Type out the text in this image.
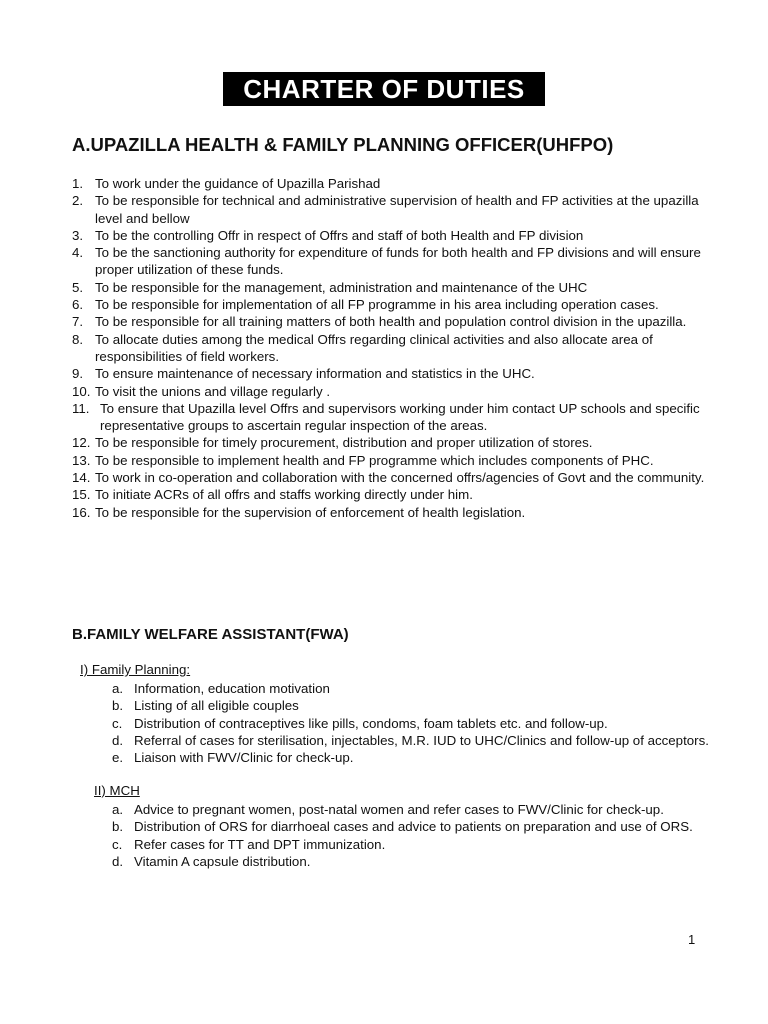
CHARTER OF DUTIES
A.UPAZILLA HEALTH & FAMILY PLANNING OFFICER(UHFPO)
1. To work under the guidance of Upazilla Parishad
2. To be responsible for technical and administrative supervision of health and FP activities at the upazilla level and bellow
3. To be the controlling Offr in respect of Offrs and staff of both Health and FP division
4. To be the sanctioning authority for expenditure of funds for both health and FP divisions and will ensure proper utilization of these funds.
5. To be responsible for the management, administration and maintenance of the UHC
6. To be responsible for implementation of all FP programme in his area including operation cases.
7. To be responsible for all training matters of both health and population control division in the upazilla.
8. To allocate duties among the medical Offrs regarding clinical activities and also allocate area of responsibilities of field workers.
9. To ensure maintenance of necessary information and statistics in the UHC.
10. To visit the unions and village regularly .
11. To ensure that Upazilla level Offrs and supervisors working under him contact UP schools and specific representative groups to ascertain regular inspection of the areas.
12. To be responsible for timely procurement, distribution and proper utilization of stores.
13. To be responsible to implement health and FP programme which includes components of PHC.
14. To work in co-operation and collaboration with the concerned offrs/agencies of Govt and the community.
15. To initiate ACRs of all offrs and staffs working directly under him.
16. To be responsible for the supervision of enforcement of health legislation.
B.FAMILY WELFARE ASSISTANT(FWA)
I) Family Planning:
a. Information, education motivation
b. Listing of all eligible couples
c. Distribution of contraceptives like pills, condoms, foam tablets etc. and follow-up.
d. Referral of cases for sterilisation, injectables, M.R. IUD to UHC/Clinics and follow-up of acceptors.
e. Liaison with FWV/Clinic for check-up.
II) MCH
a. Advice to pregnant women, post-natal women and refer cases to FWV/Clinic for check-up.
b. Distribution of ORS for diarrhoeal cases and advice to patients on preparation and use of ORS.
c. Refer cases for TT and DPT immunization.
d. Vitamin A capsule distribution.
1
